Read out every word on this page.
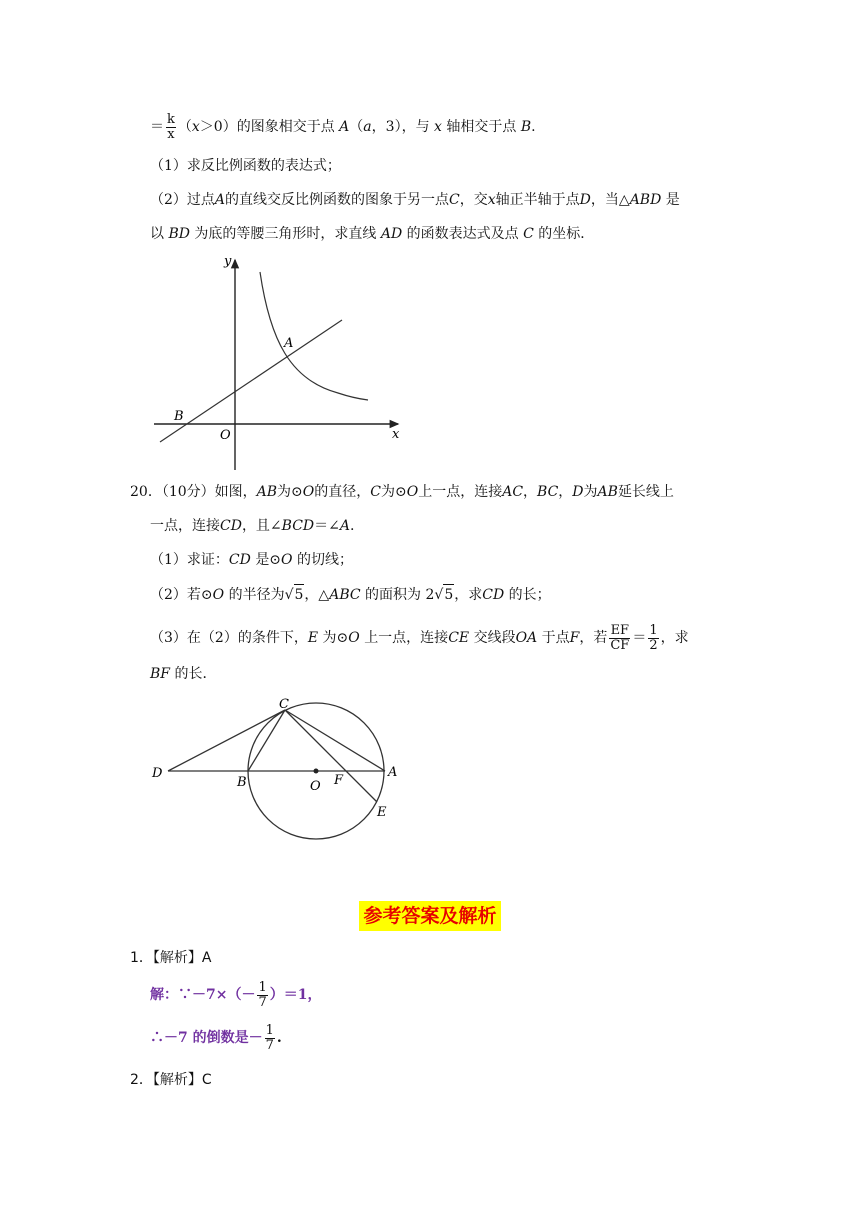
＝ $\frac{k}{x} (x>0)$的图象相交于点 A（a，3），与 x 轴相交于点 B.
（1）求反比例函数的表达式；
（2）过点A的直线交反比例函数的图象于另一点C，交x轴正半轴于点D，当△ABD 是
以 BD 为底的等腰三角形时，求直线 AD 的函数表达式及点 C 的坐标．
y
x
O
A
B
20．（10分）如图，AB为⊙O的直径，C为⊙O上一点，连接AC，BC，D为AB延长线上
一点，连接CD，且∠BCD＝∠A.
（1）求证：CD 是⊙O 的切线；
（2）若⊙O 的半径为√5，△ABC 的面积为 2√5，求CD 的长；
（3）在（2）的条件下，E 为⊙O 上一点，连接CE 交线段OA 于点F，若 $\frac{EF}{CF} = \frac{1}{2}$ ，求
BF 的长．
C
D
B	O F
A
E
参考答案及解析
1．【解析】A
解：∵－7×（－ $\frac{1}{7} )=1$，
∴－7 的倒数是－ $\frac{1}{7}$ .
2．【解析】C
